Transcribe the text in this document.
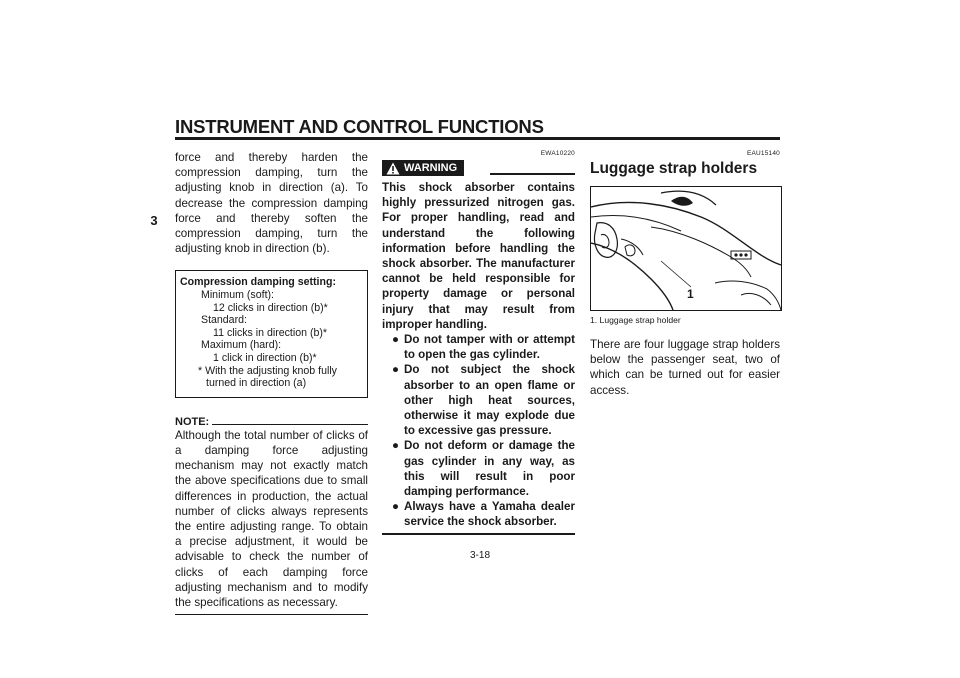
INSTRUMENT AND CONTROL FUNCTIONS
3

force and thereby harden the compression damping, turn the adjusting knob in direction (a). To decrease the compression damping force and thereby soften the compression damping, turn the adjusting knob in direction (b).

Compression damping setting:
Minimum (soft):
12 clicks in direction (b)*
Standard:
11 clicks in direction (b)*
Maximum (hard):
1 click in direction (b)*
* With the adjusting knob fully turned in direction (a)
NOTE:

Although the total number of clicks of a damping force adjusting mechanism may not exactly match the above specifications due to small differences in production, the actual number of clicks always represents the entire adjusting range. To obtain a precise adjustment, it would be advisable to check the number of clicks of each damping force adjusting mechanism and to modify the specifications as necessary.

EWA10220

WARNING

This shock absorber contains highly pressurized nitrogen gas. For proper handling, read and understand the following information before handling the shock absorber. The manufacturer cannot be held responsible for property damage or personal injury that may result from improper handling.

● Do not tamper with or attempt to open the gas cylinder.
● Do not subject the shock absorber to an open flame or other high heat sources, otherwise it may explode due to excessive gas pressure.
● Do not deform or damage the gas cylinder in any way, as this will result in poor damping performance.
● Always have a Yamaha dealer service the shock absorber.

EAU15140

Luggage strap holders
1

1. Luggage strap holder

There are four luggage strap holders below the passenger seat, two of which can be turned out for easier access.

3-18
